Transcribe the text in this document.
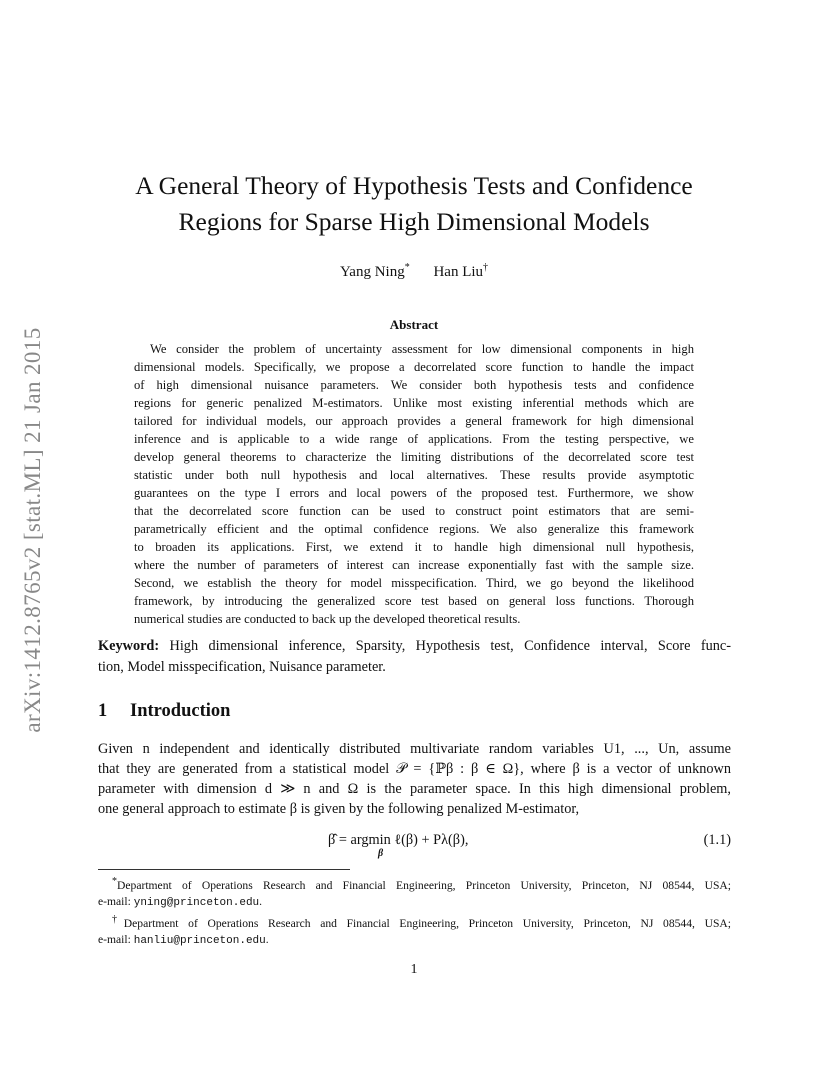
arXiv:1412.8765v2 [stat.ML] 21 Jan 2015
A General Theory of Hypothesis Tests and Confidence
Regions for Sparse High Dimensional Models
Yang Ning* Han Liu†
Abstract
We consider the problem of uncertainty assessment for low dimensional components in high
dimensional models. Specifically, we propose a decorrelated score function to handle the impact
of high dimensional nuisance parameters. We consider both hypothesis tests and confidence
regions for generic penalized M-estimators. Unlike most existing inferential methods which are
tailored for individual models, our approach provides a general framework for high dimensional
inference and is applicable to a wide range of applications. From the testing perspective, we
develop general theorems to characterize the limiting distributions of the decorrelated score test
statistic under both null hypothesis and local alternatives. These results provide asymptotic
guarantees on the type I errors and local powers of the proposed test. Furthermore, we show
that the decorrelated score function can be used to construct point estimators that are semi-
parametrically efficient and the optimal confidence regions. We also generalize this framework
to broaden its applications. First, we extend it to handle high dimensional null hypothesis,
where the number of parameters of interest can increase exponentially fast with the sample size.
Second, we establish the theory for model misspecification. Third, we go beyond the likelihood
framework, by introducing the generalized score test based on general loss functions. Thorough
numerical studies are conducted to back up the developed theoretical results.
Keyword: High dimensional inference, Sparsity, Hypothesis test, Confidence interval, Score func-
tion, Model misspecification, Nuisance parameter.
1 Introduction
Given n independent and identically distributed multivariate random variables U1, ..., Un, assume
that they are generated from a statistical model 𝒫 = {ℙβ : β ∈ Ω}, where β is a vector of unknown
parameter with dimension d ≫ n and Ω is the parameter space. In this high dimensional problem,
one general approach to estimate β is given by the following penalized M-estimator,
β̂ = argmin ℓ(β) + Pλ(β),
β
(1.1)
*Department of Operations Research and Financial Engineering, Princeton University, Princeton, NJ 08544, USA;
e-mail: yning@princeton.edu.
†Department of Operations Research and Financial Engineering, Princeton University, Princeton, NJ 08544, USA;
e-mail: hanliu@princeton.edu.
1
